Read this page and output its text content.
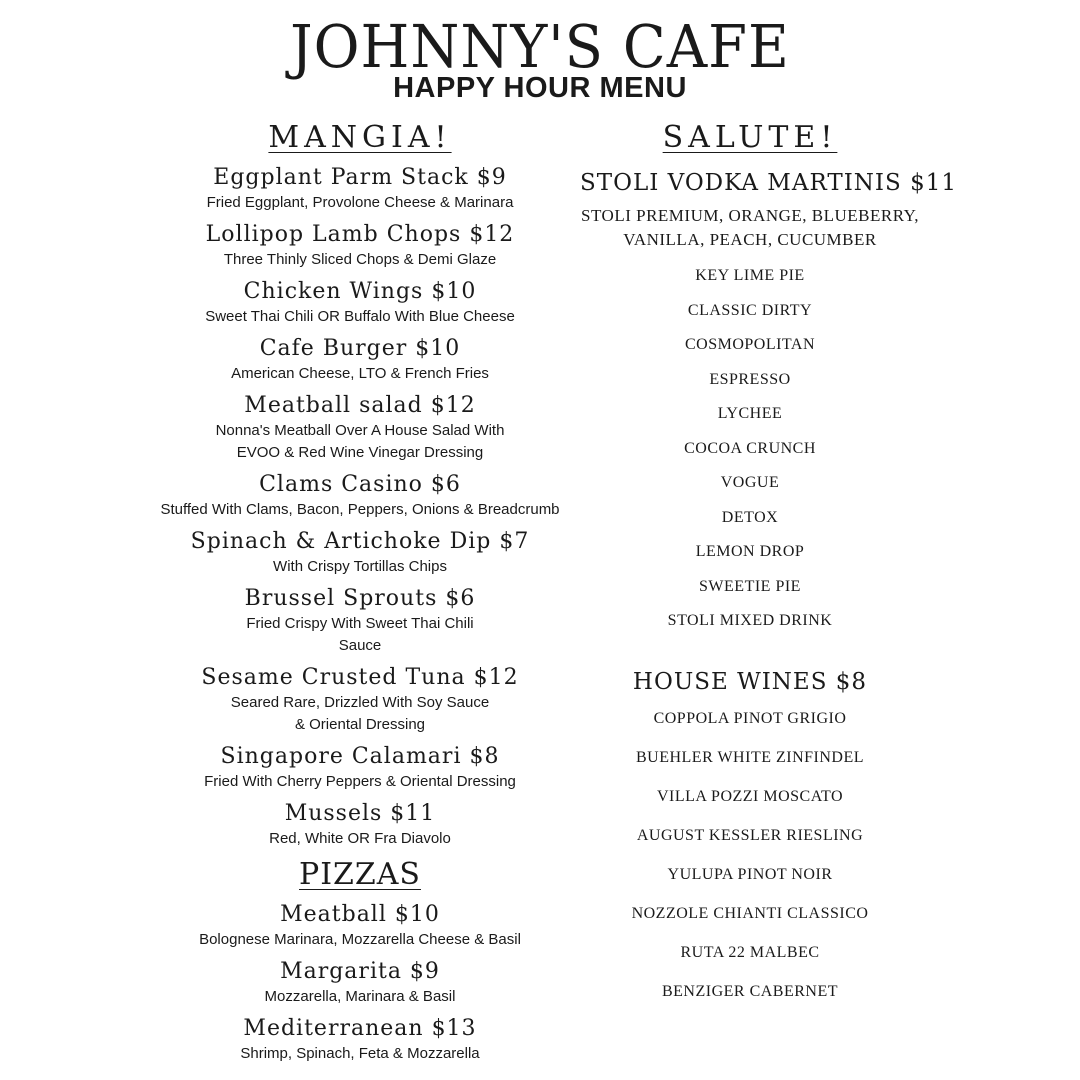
JOHNNY'S CAFE
HAPPY HOUR MENU
MANGIA!
Eggplant Parm Stack $9
Fried Eggplant, Provolone Cheese & Marinara
Lollipop Lamb Chops $12
Three Thinly Sliced Chops & Demi Glaze
Chicken Wings $10
Sweet Thai Chili OR Buffalo With Blue Cheese
Cafe Burger $10
American Cheese, LTO & French Fries
Meatball salad $12
Nonna's Meatball Over A House Salad With
EVOO & Red Wine Vinegar Dressing
Clams Casino $6
Stuffed With Clams, Bacon, Peppers, Onions & Breadcrumb
Spinach & Artichoke Dip $7
With Crispy Tortillas Chips
Brussel Sprouts $6
Fried Crispy With Sweet Thai Chili
Sauce
Sesame Crusted Tuna $12
Seared Rare, Drizzled With Soy Sauce
& Oriental Dressing
Singapore Calamari $8
Fried With Cherry Peppers & Oriental Dressing
Mussels $11
Red, White OR Fra Diavolo
PIZZAS
Meatball $10
Bolognese Marinara, Mozzarella Cheese & Basil
Margarita $9
Mozzarella, Marinara & Basil
Mediterranean $13
Shrimp, Spinach, Feta & Mozzarella
SALUTE!
STOLI VODKA MARTINIS $11
STOLI PREMIUM, ORANGE, BLUEBERRY,
VANILLA, PEACH, CUCUMBER
KEY LIME PIE
CLASSIC DIRTY
COSMOPOLITAN
ESPRESSO
LYCHEE
COCOA CRUNCH
VOGUE
DETOX
LEMON DROP
SWEETIE PIE
STOLI MIXED DRINK
HOUSE WINES $8
COPPOLA PINOT GRIGIO
BUEHLER WHITE ZINFINDEL
VILLA POZZI MOSCATO
AUGUST KESSLER RIESLING
YULUPA PINOT NOIR
NOZZOLE CHIANTI CLASSICO
RUTA 22 MALBEC
BENZIGER CABERNET
